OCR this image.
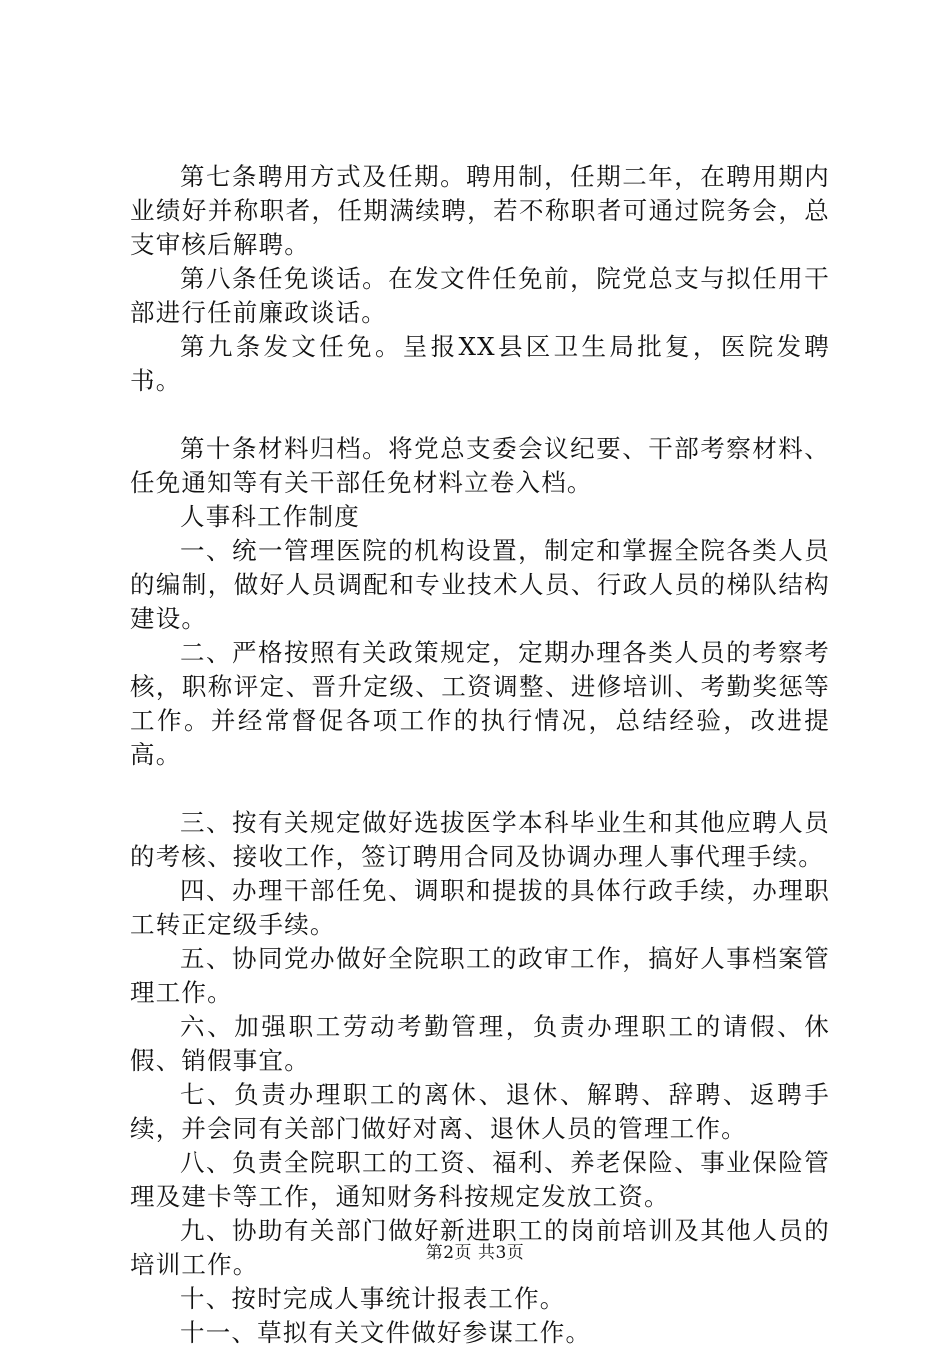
第七条聘用方式及任期。聘用制，任期二年，在聘用期内业绩好并称职者，任期满续聘，若不称职者可通过院务会，总支审核后解聘。

第八条任免谈话。在发文件任免前，院党总支与拟任用干部进行任前廉政谈话。

第九条发文任免。呈报XX县区卫生局批复，医院发聘书。

第十条材料归档。将党总支委会议纪要、干部考察材料、任免通知等有关干部任免材料立卷入档。

人事科工作制度

一、统一管理医院的机构设置，制定和掌握全院各类人员的编制，做好人员调配和专业技术人员、行政人员的梯队结构建设。

二、严格按照有关政策规定，定期办理各类人员的考察考核，职称评定、晋升定级、工资调整、进修培训、考勤奖惩等工作。并经常督促各项工作的执行情况，总结经验，改进提高。

三、按有关规定做好选拔医学本科毕业生和其他应聘人员的考核、接收工作，签订聘用合同及协调办理人事代理手续。

四、办理干部任免、调职和提拔的具体行政手续，办理职工转正定级手续。

五、协同党办做好全院职工的政审工作，搞好人事档案管理工作。

六、加强职工劳动考勤管理，负责办理职工的请假、休假、销假事宜。

七、负责办理职工的离休、退休、解聘、辞聘、返聘手续，并会同有关部门做好对离、退休人员的管理工作。

八、负责全院职工的工资、福利、养老保险、事业保险管理及建卡等工作，通知财务科按规定发放工资。

九、协助有关部门做好新进职工的岗前培训及其他人员的培训工作。

十、按时完成人事统计报表工作。

十一、草拟有关文件做好参谋工作。

第2页 共3页
